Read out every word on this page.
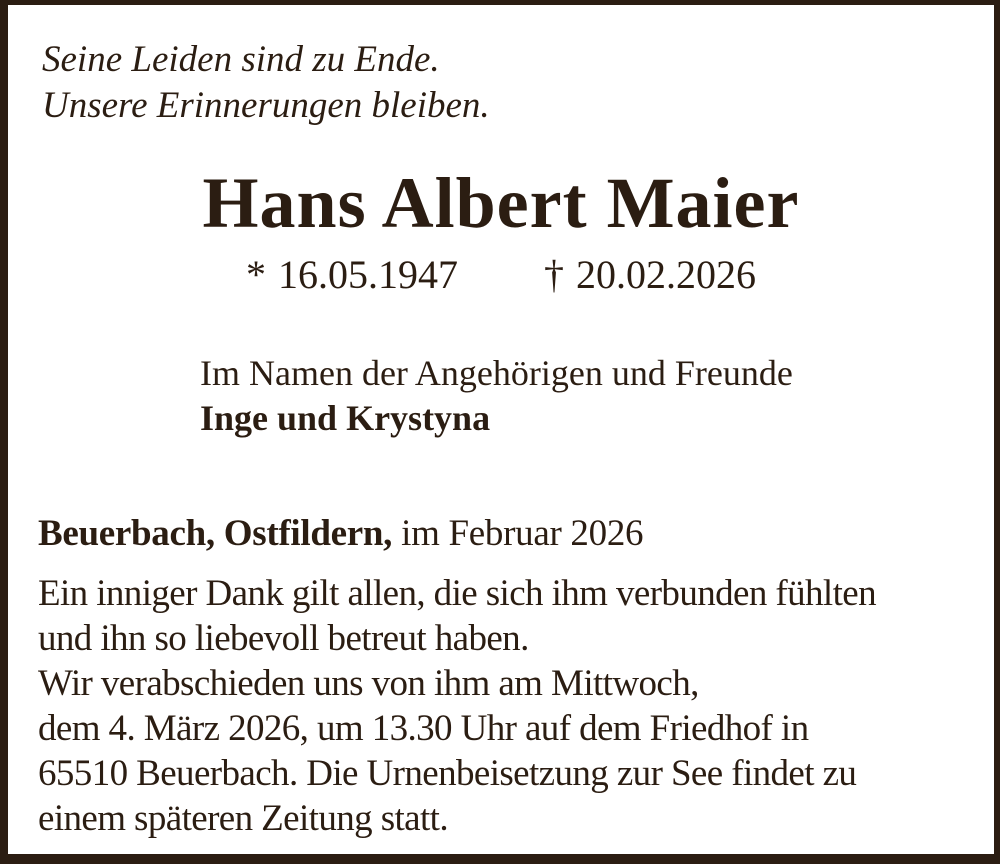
Seine Leiden sind zu Ende.
Unsere Erinnerungen bleiben.
Hans Albert Maier
* 16.05.1947 † 20.02.2026
Im Namen der Angehörigen und Freunde
Inge und Krystyna
Beuerbach, Ostfildern, im Februar 2026
Ein inniger Dank gilt allen, die sich ihm verbunden fühlten
und ihn so liebevoll betreut haben.
Wir verabschieden uns von ihm am Mittwoch,
dem 4. März 2026, um 13.30 Uhr auf dem Friedhof in
65510 Beuerbach. Die Urnenbeisetzung zur See findet zu
einem späteren Zeitung statt.
